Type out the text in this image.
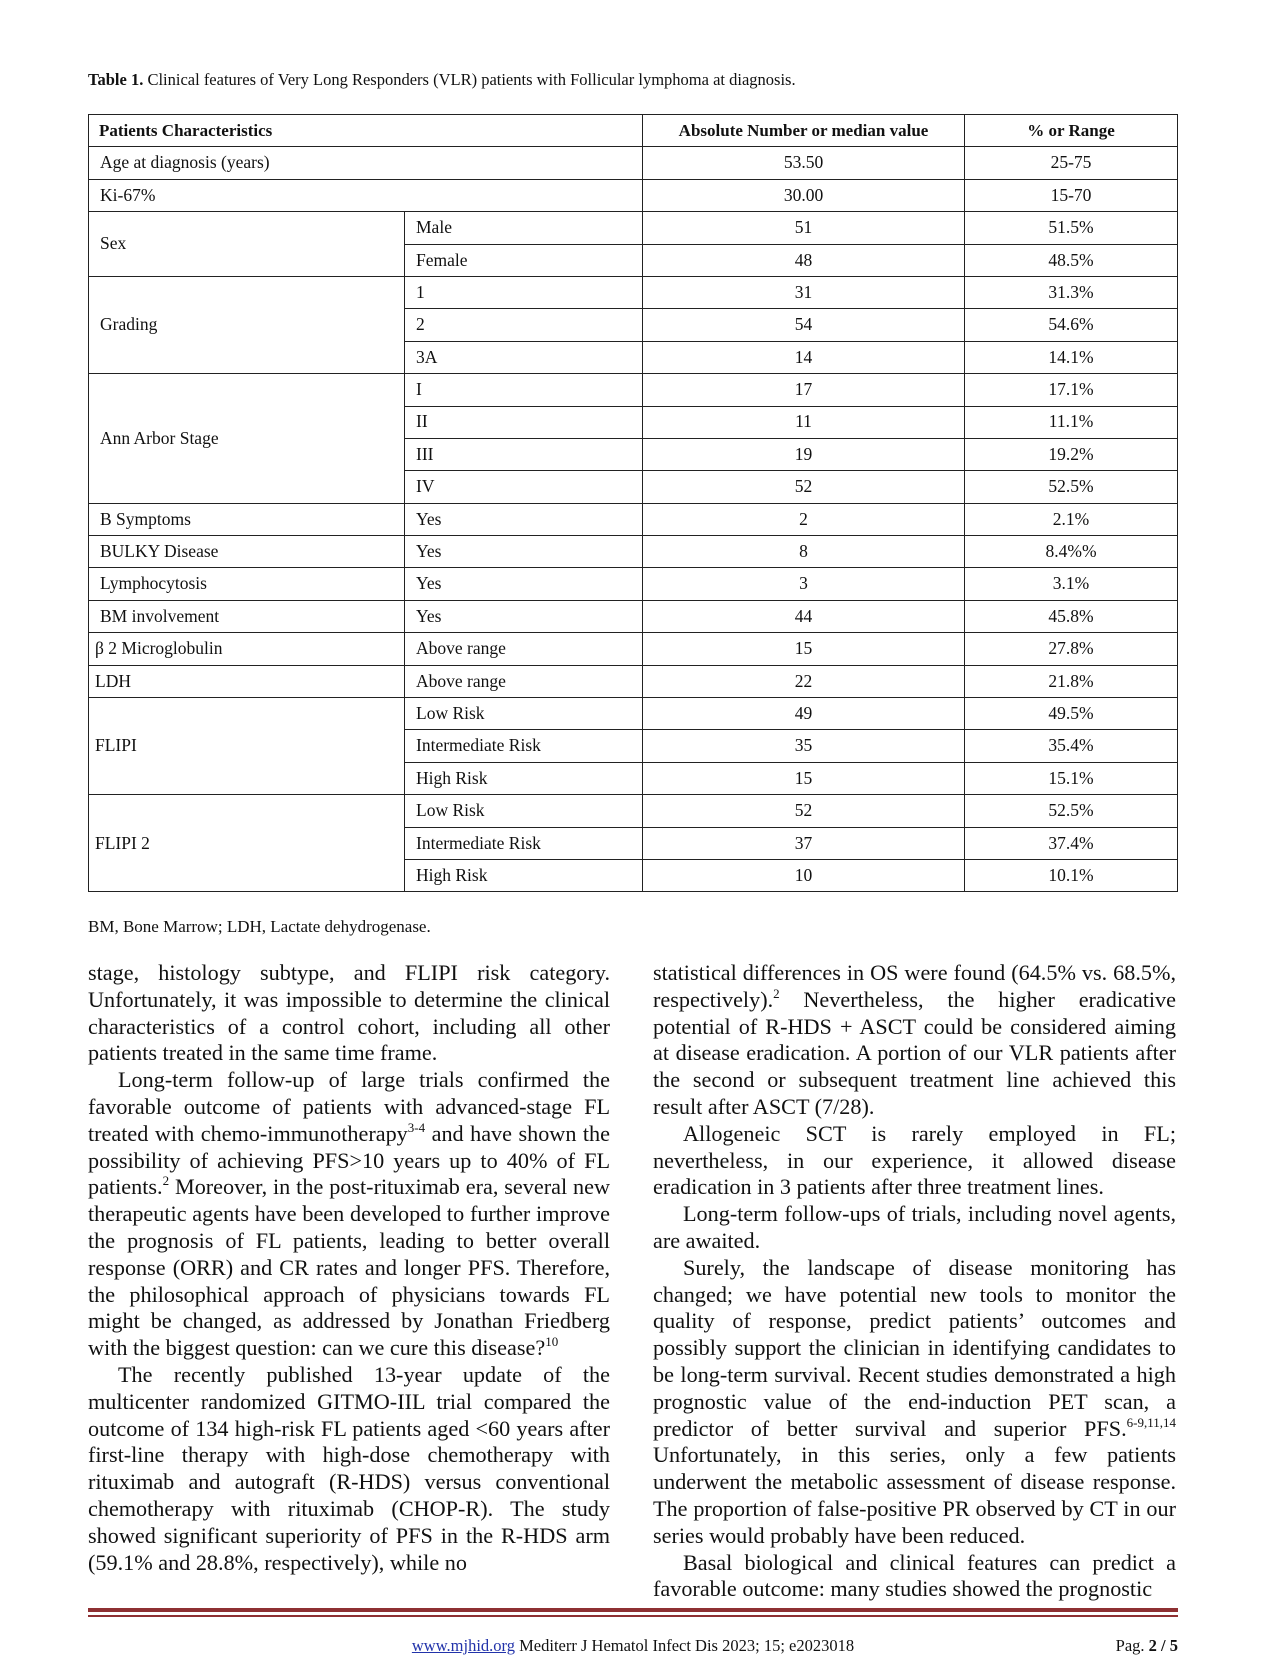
Table 1. Clinical features of Very Long Responders (VLR) patients with Follicular lymphoma at diagnosis.
Patients Characteristics		Absolute Number or median value	% or Range
Age at diagnosis (years)		53.50	25-75
Ki-67%		30.00	15-70
Sex	Male	51	51.5%
	Female	48	48.5%
Grading	1	31	31.3%
	2	54	54.6%
	3A	14	14.1%
Ann Arbor Stage	I	17	17.1%
	II	11	11.1%
	III	19	19.2%
	IV	52	52.5%
B Symptoms	Yes	2	2.1%
BULKY Disease	Yes	8	8.4%%
Lymphocytosis	Yes	3	3.1%
BM involvement	Yes	44	45.8%
β 2 Microglobulin	Above range	15	27.8%
LDH	Above range	22	21.8%
FLIPI	Low Risk	49	49.5%
	Intermediate Risk	35	35.4%
	High Risk	15	15.1%
FLIPI 2	Low Risk	52	52.5%
	Intermediate Risk	37	37.4%
	High Risk	10	10.1%
BM, Bone Marrow; LDH, Lactate dehydrogenase.

stage, histology subtype, and FLIPI risk category. Unfortunately, it was impossible to determine the clinical characteristics of a control cohort, including all other patients treated in the same time frame.

Long-term follow-up of large trials confirmed the favorable outcome of patients with advanced-stage FL treated with chemo-immunotherapy$^{3-4}$ and have shown the possibility of achieving PFS>10 years up to 40% of FL patients.$^2$ Moreover, in the post-rituximab era, several new therapeutic agents have been developed to further improve the prognosis of FL patients, leading to better overall response (ORR) and CR rates and longer PFS. Therefore, the philosophical approach of physicians towards FL might be changed, as addressed by Jonathan Friedberg with the biggest question: can we cure this disease?$^{10}$

The recently published 13-year update of the multicenter randomized GITMO-IIL trial compared the outcome of 134 high-risk FL patients aged <60 years after first-line therapy with high-dose chemotherapy with rituximab and autograft (R-HDS) versus conventional chemotherapy with rituximab (CHOP-R). The study showed significant superiority of PFS in the R-HDS arm (59.1% and 28.8%, respectively), while no

statistical differences in OS were found (64.5% vs. 68.5%, respectively).$^2$ Nevertheless, the higher eradicative potential of R-HDS + ASCT could be considered aiming at disease eradication. A portion of our VLR patients after the second or subsequent treatment line achieved this result after ASCT (7/28).

Allogeneic SCT is rarely employed in FL; nevertheless, in our experience, it allowed disease eradication in 3 patients after three treatment lines.

Long-term follow-ups of trials, including novel agents, are awaited.

Surely, the landscape of disease monitoring has changed; we have potential new tools to monitor the quality of response, predict patients’ outcomes and possibly support the clinician in identifying candidates to be long-term survival. Recent studies demonstrated a high prognostic value of the end-induction PET scan, a predictor of better survival and superior PFS.$^{6-9,11,14}$ Unfortunately, in this series, only a few patients underwent the metabolic assessment of disease response. The proportion of false-positive PR observed by CT in our series would probably have been reduced.

Basal biological and clinical features can predict a favorable outcome: many studies showed the prognostic

www.mjhid.org Mediterr J Hematol Infect Dis 2023; 15; e2023018	Pag. 2 / 5
